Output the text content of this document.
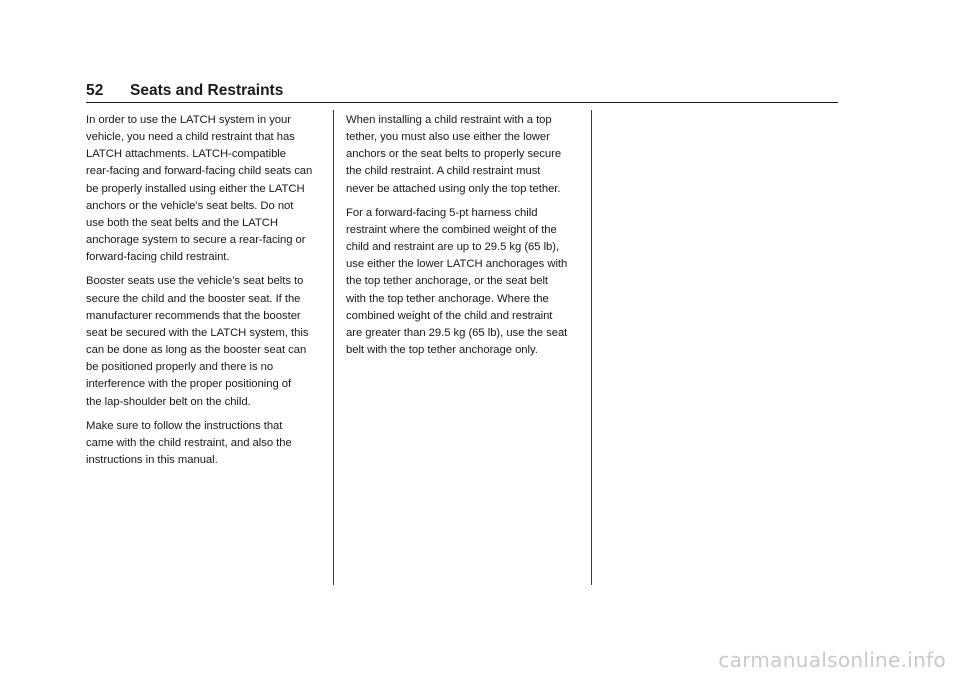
52 Seats and Restraints

In order to use the LATCH system in your
vehicle, you need a child restraint that has
LATCH attachments. LATCH-compatible
rear-facing and forward-facing child seats can
be properly installed using either the LATCH
anchors or the vehicle’s seat belts. Do not
use both the seat belts and the LATCH
anchorage system to secure a rear-facing or
forward-facing child restraint.

Booster seats use the vehicle’s seat belts to
secure the child and the booster seat. If the
manufacturer recommends that the booster
seat be secured with the LATCH system, this
can be done as long as the booster seat can
be positioned properly and there is no
interference with the proper positioning of
the lap-shoulder belt on the child.

Make sure to follow the instructions that
came with the child restraint, and also the
instructions in this manual.

When installing a child restraint with a top
tether, you must also use either the lower
anchors or the seat belts to properly secure
the child restraint. A child restraint must
never be attached using only the top tether.

For a forward-facing 5-pt harness child
restraint where the combined weight of the
child and restraint are up to 29.5 kg (65 lb),
use either the lower LATCH anchorages with
the top tether anchorage, or the seat belt
with the top tether anchorage. Where the
combined weight of the child and restraint
are greater than 29.5 kg (65 lb), use the seat
belt with the top tether anchorage only.

carmanualsonline.info
